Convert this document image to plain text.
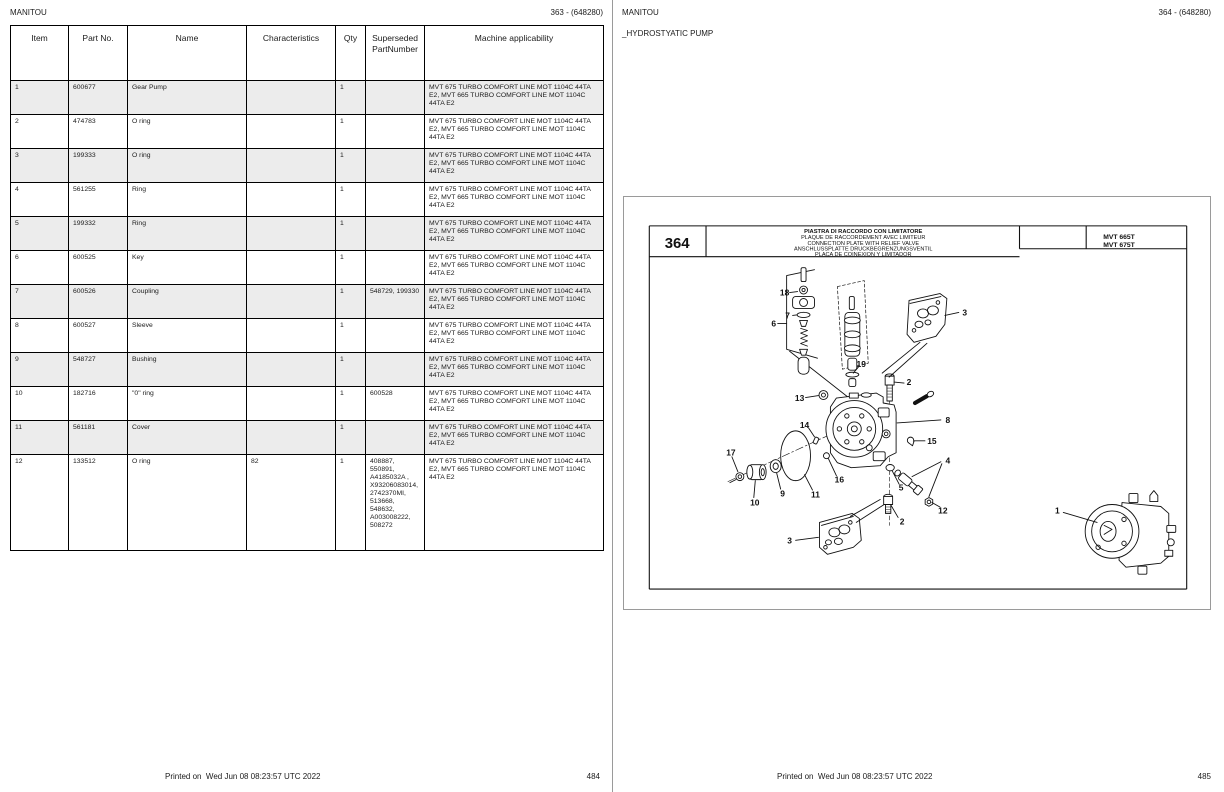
MANITOU	363 - (648280)
Item	Part No.	Name	Characteristics	Qty	Superseded PartNumber	Machine applicability
1	600677	Gear Pump		1		MVT 675 TURBO COMFORT LINE MOT 1104C 44TA E2, MVT 665 TURBO COMFORT LINE MOT 1104C 44TA E2
2	474783	O ring		1		MVT 675 TURBO COMFORT LINE MOT 1104C 44TA E2, MVT 665 TURBO COMFORT LINE MOT 1104C 44TA E2
3	199333	O ring		1		MVT 675 TURBO COMFORT LINE MOT 1104C 44TA E2, MVT 665 TURBO COMFORT LINE MOT 1104C 44TA E2
4	561255	Ring		1		MVT 675 TURBO COMFORT LINE MOT 1104C 44TA E2, MVT 665 TURBO COMFORT LINE MOT 1104C 44TA E2
5	199332	Ring		1		MVT 675 TURBO COMFORT LINE MOT 1104C 44TA E2, MVT 665 TURBO COMFORT LINE MOT 1104C 44TA E2
6	600525	Key		1		MVT 675 TURBO COMFORT LINE MOT 1104C 44TA E2, MVT 665 TURBO COMFORT LINE MOT 1104C 44TA E2
7	600526	Coupling		1	548729, 199330	MVT 675 TURBO COMFORT LINE MOT 1104C 44TA E2, MVT 665 TURBO COMFORT LINE MOT 1104C 44TA E2
8	600527	Sleeve		1		MVT 675 TURBO COMFORT LINE MOT 1104C 44TA E2, MVT 665 TURBO COMFORT LINE MOT 1104C 44TA E2
9	548727	Bushing		1		MVT 675 TURBO COMFORT LINE MOT 1104C 44TA E2, MVT 665 TURBO COMFORT LINE MOT 1104C 44TA E2
10	182716	"0" ring		1	600528	MVT 675 TURBO COMFORT LINE MOT 1104C 44TA E2, MVT 665 TURBO COMFORT LINE MOT 1104C 44TA E2
11	561181	Cover		1		MVT 675 TURBO COMFORT LINE MOT 1104C 44TA E2, MVT 665 TURBO COMFORT LINE MOT 1104C 44TA E2
12	133512	O ring	82	1	408887, 550891, A4185032A , X93206083014, 2742370MI, 513668, 548632, A003008222, 508272	MVT 675 TURBO COMFORT LINE MOT 1104C 44TA E2, MVT 665 TURBO COMFORT LINE MOT 1104C 44TA E2
Printed on  Wed Jun 08 08:23:57 UTC 2022	484
MANITOU	364 - (648280)
_HYDROSTYATIC PUMP
364
PIASTRA DI RACCORDO CON LIMITATORE
PLAQUE DE RACCORDEMENT AVEC LIMITEUR
CONNECTION PLATE WITH RELIEF VALVE
ANSCHLUSSPLATTE DRUCKBEGRENZUNGSVENTIL
PLACA DE COINEXION Y LIMITADOR
MVT 665T
MVT 675T
18
7
6
19
3
2
13
8
14
15
17
4
16
5
9
10
11
12
2
3
1
Printed on  Wed Jun 08 08:23:57 UTC 2022	485
